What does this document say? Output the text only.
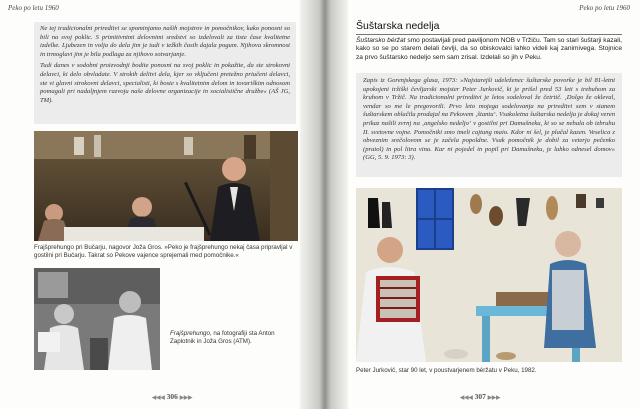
Peko po letu 1960

Ne tej tradicionalni prireditvi se spominjamo naših mojstrov in pomočnikov, kako ponosni so bili na svoj poklic. S primitivnimi delovnimi sredstvi so izdelovali za tiste čase kvalitetne izdelke. Ljubezen in volja do dela jim je tudi v težkih časih dajala pogum. Njihova skromnost in trmoglavi jim je bila podlaga za njihovo sotvarjanje.

Tudi danes v sodobni proizvodnji bodite ponosni na svoj poklic in pokažite, da ste strokovni delavci, ki delo obvladate. V strokih delitvi dela, kjer so vključeni pretežno priučeni delavci, ste vi glavni strokovni delavci, specialisti, ki boste s kvalitetnim delom in tovariškim odnosom pomagali pri nadaljnjem razvoju naše delovne organizacije in socialistične družbe« (AŠ JG, TM).

Frajšprehungo pri Bučarju, nagovor Joža Gros. »Peko je frajšprehungo nekaj časa pripravljal v gostilni pri Bučarju. Takrat so Pekove vajence sprejemali med pomočnike.«
Frajšprehungo, na fotografiji sta Anton Zaplotnik in Joža Gros (ATM).
◀◀◀ 306 ▶▶▶
Peko po letu 1960
Šuštarska nedelja
Šuštarsko béržat smo postavljali pred paviljonom NOB v Tržiču. Tam so stari šuštarji kazali, kako so se po starem delali čevlji, da so obiskovalci lahko videli kaj zanimivega. Stojnice za prvo šuštarsko nedeljo sem sam zrisal. Izdelali so jih v Peku.
Zapis iz Gorenjskega glasa, 1973: »Najstarejši udeleženec šuštarske povorke je bil 81-letni upokojeni tržiški čevljarski mojster Peter Jurkovič, ki je prišel pred 53 leti s trebuhom za kruhom v Tržič. Na tradicionalni prireditvi je letos sodeloval že četrtič. ‚Dolgo že okleval, vendar so me le pregovorili. Prvo leto mojega sodelovanja na prireditvi sem v stanem šuštarskem oblačilu prodajal na Pekovem ‚štantu‘. Vsakoletna šuštarska nedelja je dokaj veren prikaz našili zvrnj na ‚angelsko nedeljo‘ v gostilni pri Damušneku, ki so se nehala ob izbruhu II. svetovne vojne. Pomočniki smo imeli cajtung maio. Kdor ni šel, je plačal kazen. Veselica z obveznim srečolovom se je začela popoldne. Vsak pomočnik je dobil za veterjo pečenko (pratol) in pol litra vina. Kar ni pojedel in popil pri Damušneku, je lahko odnesel domov« (GG, 5. 9. 1973: 3).
Peter Jurkovič, star 90 let, v poustvarjenem béržatu v Peku, 1982.
◀◀◀ 307 ▶▶▶
